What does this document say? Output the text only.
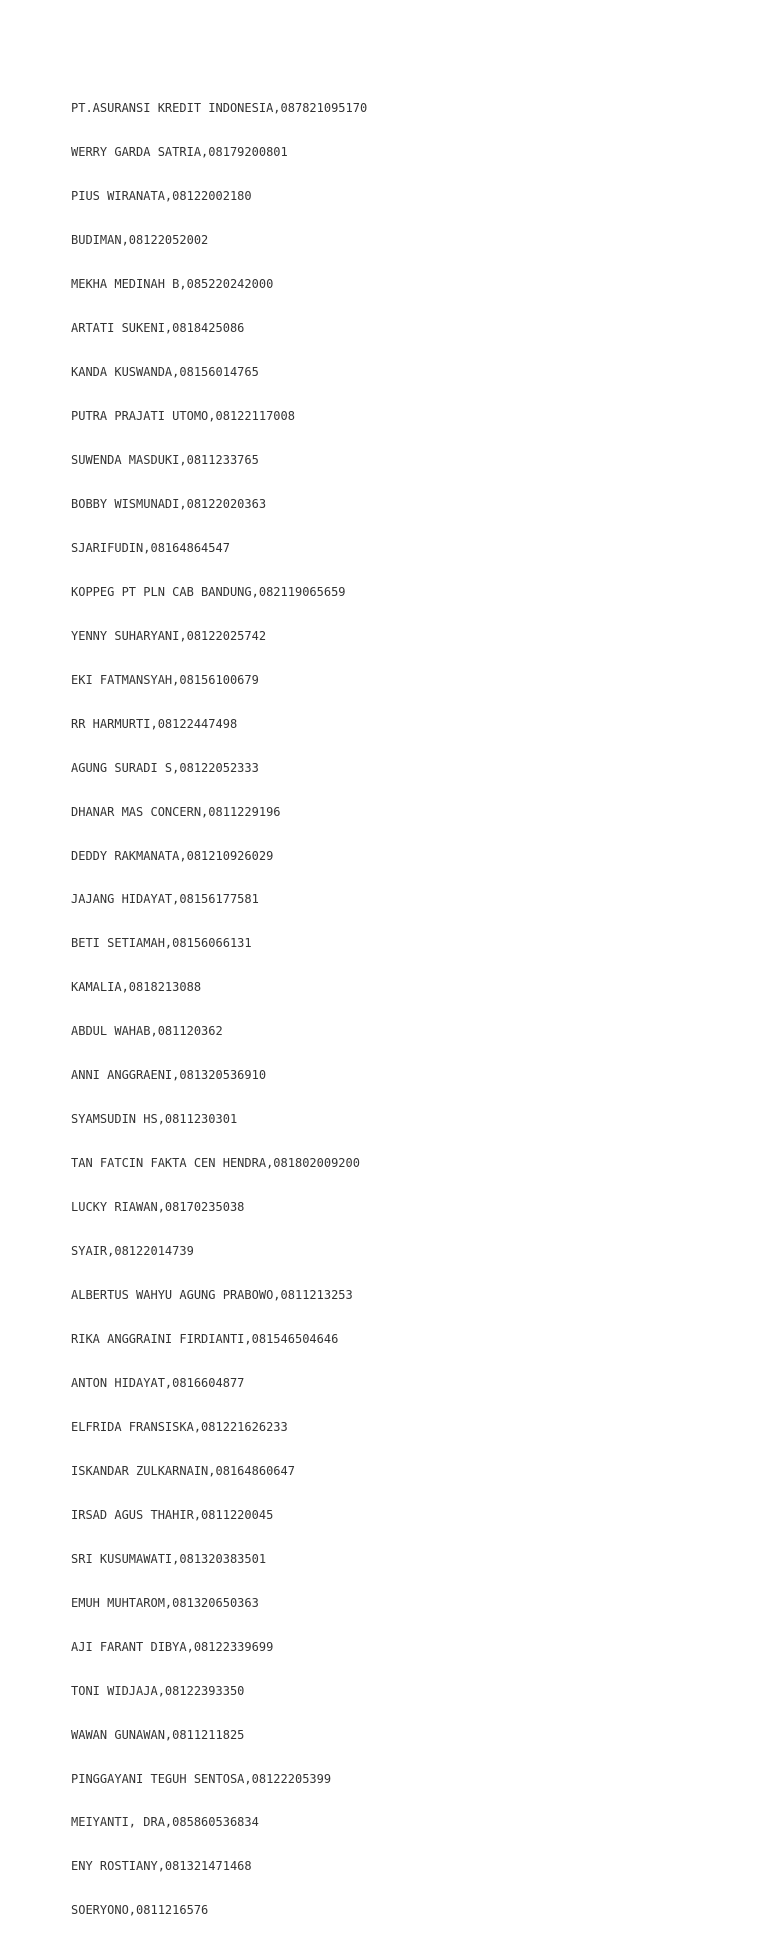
PT.ASURANSI KREDIT INDONESIA,087821095170

WERRY GARDA SATRIA,08179200801

PIUS WIRANATA,08122002180

BUDIMAN,08122052002

MEKHA MEDINAH B,085220242000

ARTATI SUKENI,0818425086

KANDA KUSWANDA,08156014765

PUTRA PRAJATI UTOMO,08122117008

SUWENDA MASDUKI,0811233765

BOBBY WISMUNADI,08122020363

SJARIFUDIN,08164864547

KOPPEG PT PLN CAB BANDUNG,082119065659

YENNY SUHARYANI,08122025742

EKI FATMANSYAH,08156100679

RR HARMURTI,08122447498

AGUNG SURADI S,08122052333

DHANAR MAS CONCERN,0811229196

DEDDY RAKMANATA,081210926029

JAJANG HIDAYAT,08156177581

BETI SETIAMAH,08156066131

KAMALIA,0818213088

ABDUL WAHAB,081120362

ANNI ANGGRAENI,081320536910

SYAMSUDIN HS,0811230301

TAN FATCIN FAKTA CEN HENDRA,081802009200

LUCKY RIAWAN,08170235038

SYAIR,08122014739

ALBERTUS WAHYU AGUNG PRABOWO,0811213253

RIKA ANGGRAINI FIRDIANTI,081546504646

ANTON HIDAYAT,0816604877

ELFRIDA FRANSISKA,081221626233

ISKANDAR ZULKARNAIN,08164860647

IRSAD AGUS THAHIR,0811220045

SRI KUSUMAWATI,081320383501

EMUH MUHTAROM,081320650363

AJI FARANT DIBYA,08122339699

TONI WIDJAJA,08122393350

WAWAN GUNAWAN,0811211825

PINGGAYANI TEGUH SENTOSA,08122205399

MEIYANTI, DRA,085860536834

ENY ROSTIANY,081321471468

SOERYONO,0811216576
